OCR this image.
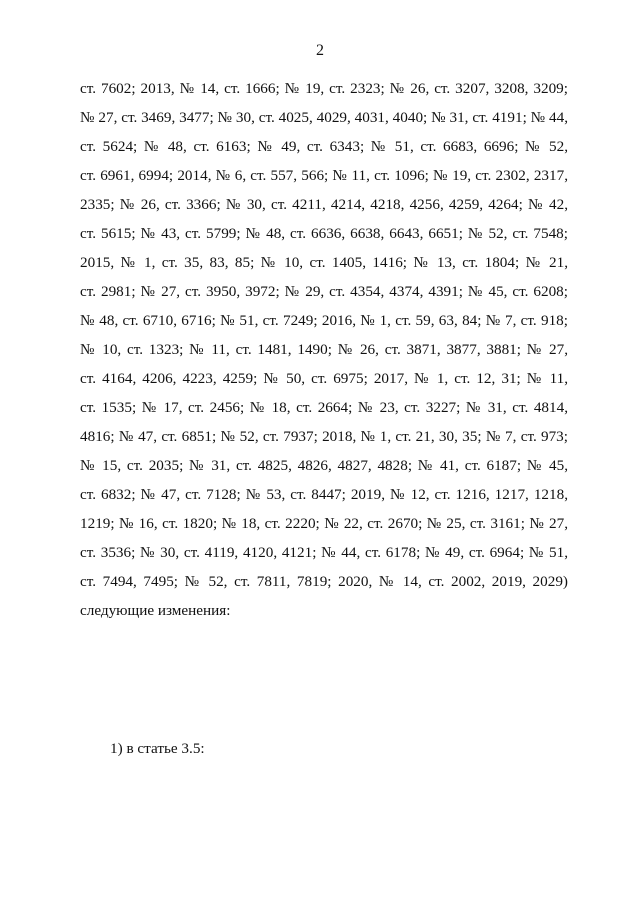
2
ст. 7602; 2013, № 14, ст. 1666; № 19, ст. 2323; № 26, ст. 3207, 3208, 3209;
№ 27, ст. 3469, 3477; № 30, ст. 4025, 4029, 4031, 4040; № 31, ст. 4191; № 44,
ст. 5624; № 48, ст. 6163; № 49, ст. 6343; № 51, ст. 6683, 6696; № 52,
ст. 6961, 6994; 2014, № 6, ст. 557, 566; № 11, ст. 1096; № 19, ст. 2302, 2317,
2335; № 26, ст. 3366; № 30, ст. 4211, 4214, 4218, 4256, 4259, 4264; № 42,
ст. 5615; № 43, ст. 5799; № 48, ст. 6636, 6638, 6643, 6651; № 52, ст. 7548;
2015, № 1, ст. 35, 83, 85; № 10, ст. 1405, 1416; № 13, ст. 1804; № 21,
ст. 2981; № 27, ст. 3950, 3972; № 29, ст. 4354, 4374, 4391; № 45, ст. 6208;
№ 48, ст. 6710, 6716; № 51, ст. 7249; 2016, № 1, ст. 59, 63, 84; № 7, ст. 918;
№ 10, ст. 1323; № 11, ст. 1481, 1490; № 26, ст. 3871, 3877, 3881; № 27,
ст. 4164, 4206, 4223, 4259; № 50, ст. 6975; 2017, № 1, ст. 12, 31; № 11,
ст. 1535; № 17, ст. 2456; № 18, ст. 2664; № 23, ст. 3227; № 31, ст. 4814,
4816; № 47, ст. 6851; № 52, ст. 7937; 2018, № 1, ст. 21, 30, 35; № 7, ст. 973;
№ 15, ст. 2035; № 31, ст. 4825, 4826, 4827, 4828; № 41, ст. 6187; № 45,
ст. 6832; № 47, ст. 7128; № 53, ст. 8447; 2019, № 12, ст. 1216, 1217, 1218,
1219; № 16, ст. 1820; № 18, ст. 2220; № 22, ст. 2670; № 25, ст. 3161; № 27,
ст. 3536; № 30, ст. 4119, 4120, 4121; № 44, ст. 6178; № 49, ст. 6964; № 51,
ст. 7494, 7495; № 52, ст. 7811, 7819; 2020, № 14, ст. 2002, 2019, 2029)
следующие изменения:
1) в статье 3.5:
